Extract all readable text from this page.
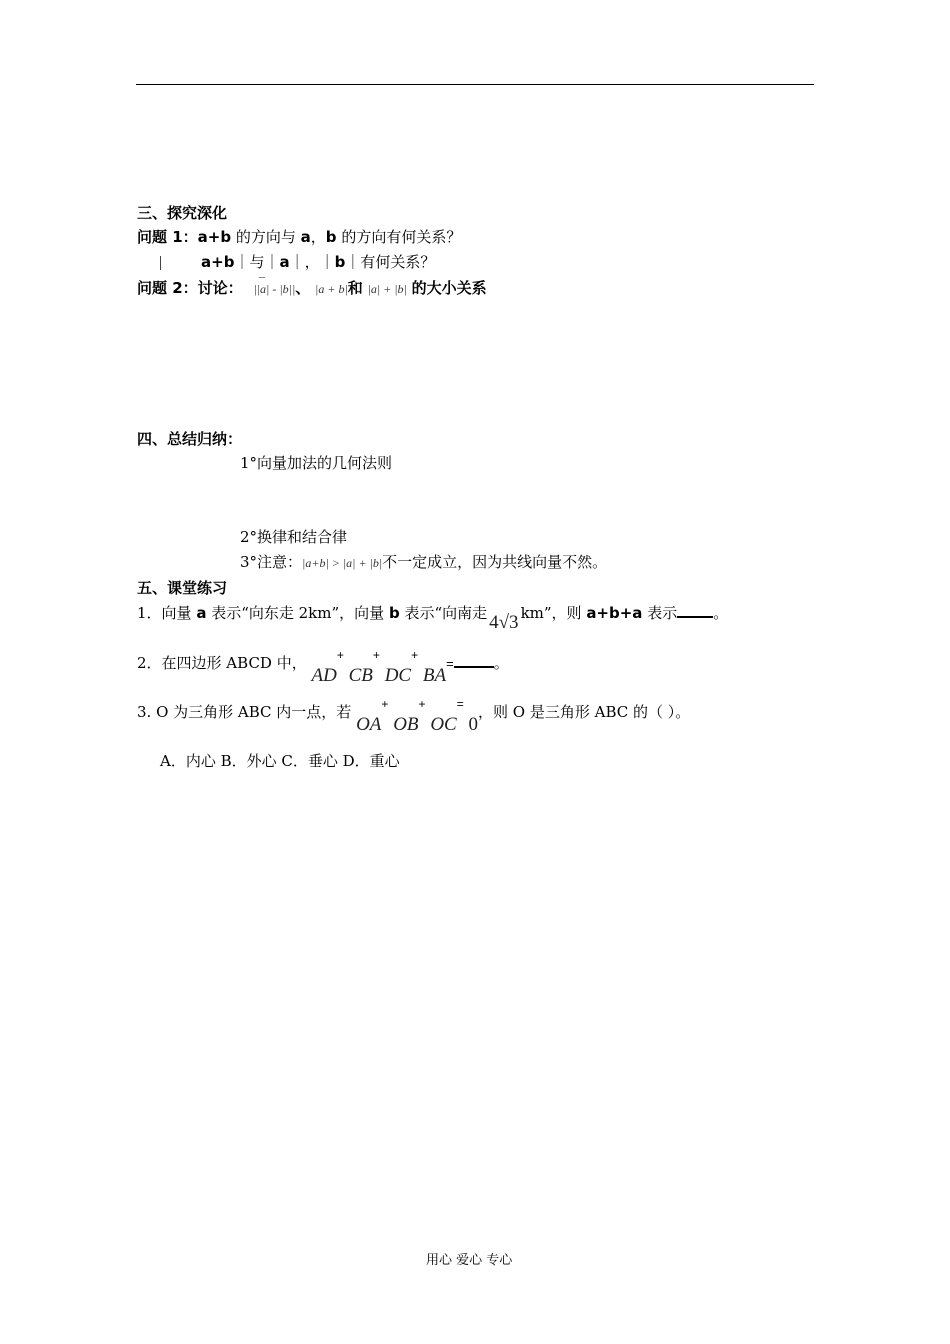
三、探究深化
问题 1：a+b 的方向与 a，b 的方向有何关系？
a+b｜与｜a｜，｜b｜有何关系？
问题 2：讨论：
–
||a| - |b||、 |a + b|和 |a| + |b| 的大小关系
四、总结归纳：
1°向量加法的几何法则
2°换律和结合律
3°注意：|a+b| > |a| + |b|不一定成立，因为共线向量不然。
五、课堂练习
1．向量 a 表示“向东走 2km”，向量 b 表示“向南走 4√3 km”，则 a+b+a 表示 。
2．在四边形 ABCD 中， AD+ CB+ DC+ BA=	。
3. O 为三角形 ABC 内一点，若 OA+ OB+ OC= 0，则 O 是三角形 ABC 的（ ）。
A．内心 B．外心 C．垂心 D．重心
用心 爱心 专心
